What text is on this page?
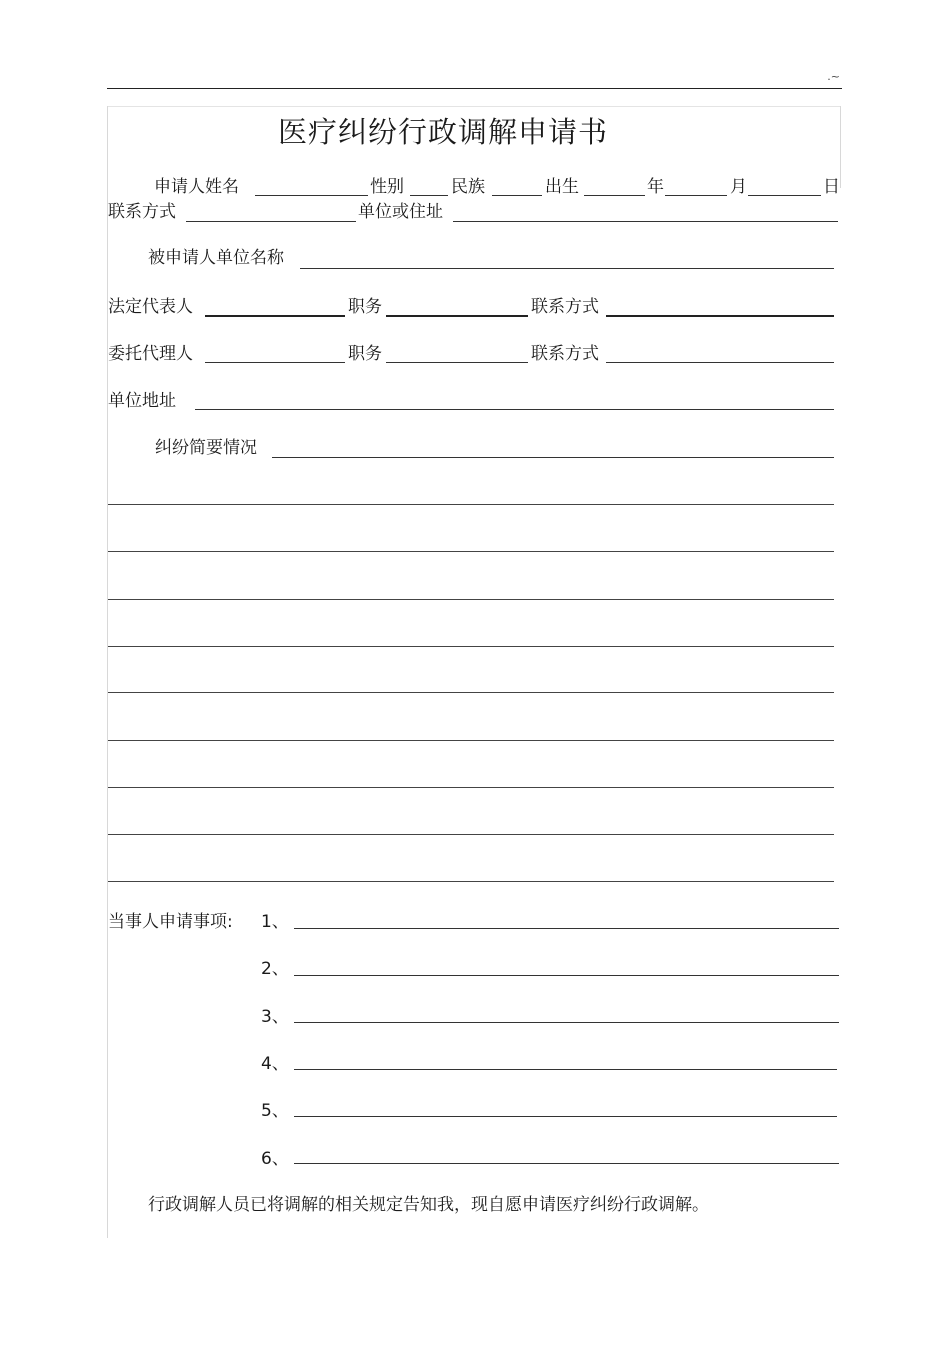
.~
医疗纠纷行政调解申请书
申请人姓名	性别	民族	出生	年	月	日
联系方式	单位或住址
被申请人单位名称
法定代表人	职务	联系方式
委托代理人	职务	联系方式
单位地址
纠纷简要情况
当事人申请事项: 1、
2、
3、
4、
5、
6、
行政调解人员已将调解的相关规定告知我，现自愿申请医疗纠纷行政调解。
